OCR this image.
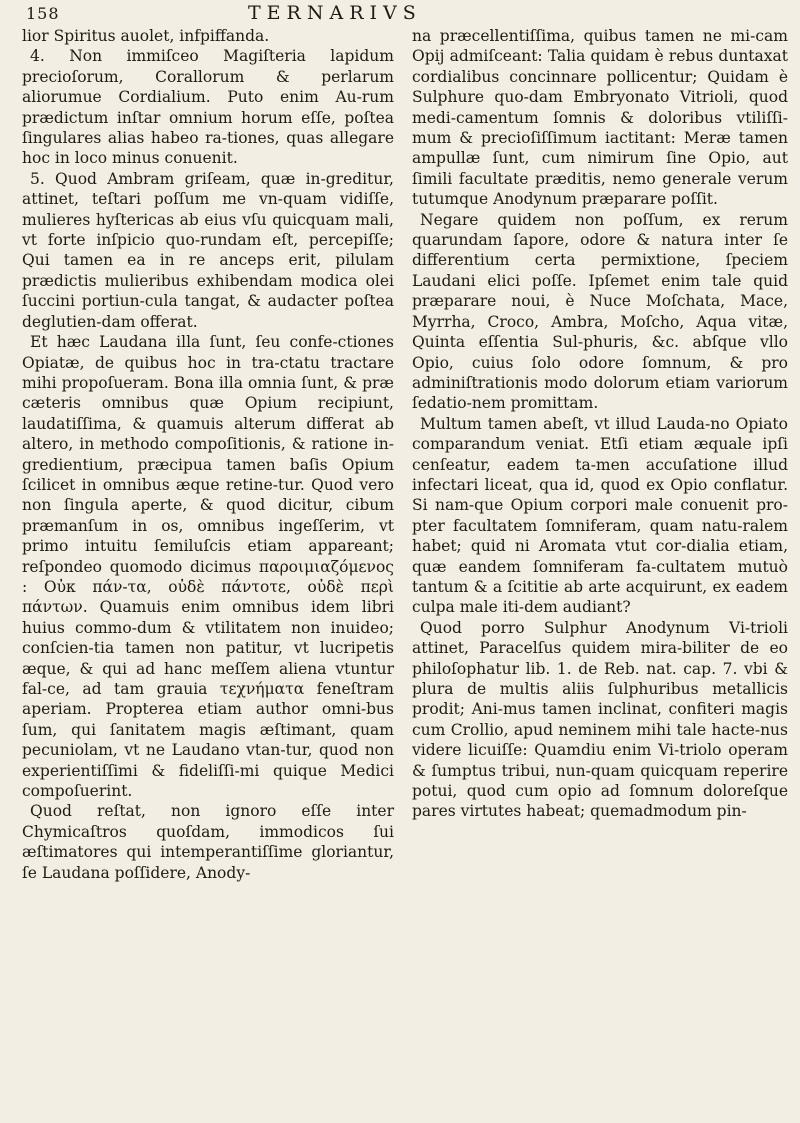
158	TERNARIVS

lior Spiritus auolet, infpiffanda.

4. Non immiſceo Magiſteria lapidum precioſorum, Corallorum & perlarum aliorumue Cordialium. Puto enim Au-rum prædictum inſtar omnium horum eſſe, poſtea ſingulares alias habeo ra-tiones, quas allegare hoc in loco minus conuenit.

5. Quod Ambram griſeam, quæ in-greditur, attinet, teſtari poſſum me vn-quam vidiſſe, mulieres hyſtericas ab eius vſu quicquam mali, vt forte inſpicio quo-rundam eſt, percepiſſe; Qui tamen ea in re anceps erit, pilulam prædictis mulieribus exhibendam modica olei ſuccini portiun-cula tangat, & audacter poſtea deglutien-dam offerat.

Et hæc Laudana illa ſunt, ſeu confe-ctiones Opiatæ, de quibus hoc in tra-ctatu tractare mihi propoſueram. Bona illa omnia ſunt, & præ cæteris omnibus quæ Opium recipiunt, laudatiſſima, & quamuis alterum differat ab altero, in methodo compoſitionis, & ratione in-gredientium, præcipua tamen baſis Opium ſcilicet in omnibus æque retine-tur. Quod vero non ſingula aperte, & quod dicitur, cibum præmanſum in os, omnibus ingeſſerim, vt primo intuitu ſemiluſcis etiam appareant; reſpondeo quomodo dicimus παρoιμιαζόμενος : Οὐκ πάν-τα, οὐδὲ πάντοτε, οὐδὲ περὶ πάντων. Quamuis enim omnibus idem libri huius commo-dum & vtilitatem non inuideo; conſcien-tia tamen non patitur, vt lucripetis æque, & qui ad hanc meſſem aliena vtuntur fal-ce, ad tam grauia τεχνήματα feneſtram aperiam. Propterea etiam author omni-bus ſum, qui ſanitatem magis æſtimant, quam pecuniolam, vt ne Laudano vtan-tur, quod non experientiſſimi & fideliſſi-mi quique Medici compoſuerint.

Quod reſtat, non ignoro eſſe inter Chymicaſtros quoſdam, immodicos ſui æſtimatores qui intemperantiſſime gloriantur, ſe Laudana poſſidere, Anody-

na præcellentiſſima, quibus tamen ne mi-cam Opij admiſceant: Talia quidam è rebus duntaxat cordialibus concinnare pollicentur; Quidam è Sulphure quo-dam Embryonato Vitrioli, quod medi-camentum ſomnis & doloribus vtiliſſi-mum & precioſiſſimum iactitant: Meræ tamen ampullæ ſunt, cum nimirum ſine Opio, aut ſimili facultate præditis, nemo generale verum tutumque Anodynum præparare poſſit.

Negare quidem non poſſum, ex rerum quarundam ſapore, odore & natura inter ſe differentium certa permixtione, ſpeciem Laudani elici poſſe. Ipſemet enim tale quid præparare noui, è Nuce Moſchata, Mace, Myrrha, Croco, Ambra, Moſcho, Aqua vitæ, Quinta eſſentia Sul-phuris, &c. abſque vllo Opio, cuius ſolo odore ſomnum, & pro adminiſtrationis modo dolorum etiam variorum ſedatio-nem promittam.

Multum tamen abeſt, vt illud Lauda-no Opiato comparandum veniat. Etſi etiam æquale ipſi cenſeatur, eadem ta-men accuſatione illud infectari liceat, qua id, quod ex Opio conflatur. Si nam-que Opium corpori male conuenit pro-pter facultatem ſomniferam, quam natu-ralem habet; quid ni Aromata vtut cor-dialia etiam, quæ eandem ſomniferam fa-cultatem mutuò tantum & a ſcititie ab arte acquirunt, ex eadem culpa male iti-dem audiant?

Quod porro Sulphur Anodynum Vi-trioli attinet, Paracelſus quidem mira-biliter de eo philoſophatur lib. 1. de Reb. nat. cap. 7. vbi & plura de multis aliis ſulphuribus metallicis prodit; Ani-mus tamen inclinat, confiteri magis cum Crollio, apud neminem mihi tale hacte-nus videre licuiſſe: Quamdiu enim Vi-triolo operam & ſumptus tribui, nun-quam quicquam reperire potui, quod cum opio ad ſomnum doloreſque pares virtutes habeat; quemadmodum pin-
